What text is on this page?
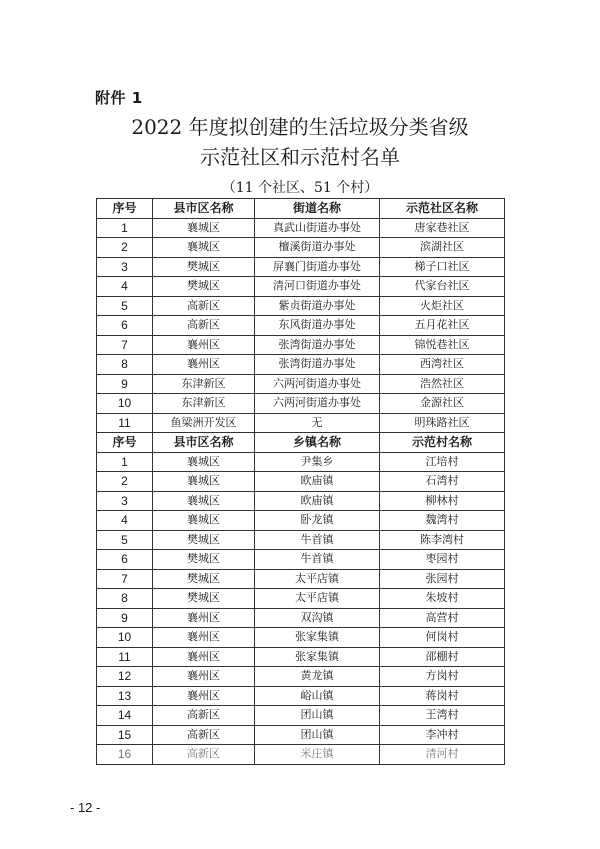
附件 1
2022 年度拟创建的生活垃圾分类省级
示范社区和示范村名单
（11 个社区、51 个村）
序号	县市区名称	街道名称	示范社区名称
1	襄城区	真武山街道办事处	唐家巷社区
2	襄城区	檀溪街道办事处	滨湖社区
3	樊城区	屏襄门街道办事处	梯子口社区
4	樊城区	清河口街道办事处	代家台社区
5	高新区	紫贞街道办事处	火炬社区
6	高新区	东风街道办事处	五月花社区
7	襄州区	张湾街道办事处	锦悦巷社区
8	襄州区	张湾街道办事处	西湾社区
9	东津新区	六两河街道办事处	浩然社区
10	东津新区	六两河街道办事处	金源社区
11	鱼梁洲开发区	无	明珠路社区
序号	县市区名称	乡镇名称	示范村名称
1	襄城区	尹集乡	江培村
2	襄城区	欧庙镇	石湾村
3	襄城区	欧庙镇	柳林村
4	襄城区	卧龙镇	魏湾村
5	樊城区	牛首镇	陈李湾村
6	樊城区	牛首镇	枣园村
7	樊城区	太平店镇	张园村
8	樊城区	太平店镇	朱坡村
9	襄州区	双沟镇	高营村
10	襄州区	张家集镇	何岗村
11	襄州区	张家集镇	邵棚村
12	襄州区	黄龙镇	方岗村
13	襄州区	峪山镇	蒋岗村
14	高新区	团山镇	王湾村
15	高新区	团山镇	李冲村
16	高新区	米庄镇	清河村
- 12 -
